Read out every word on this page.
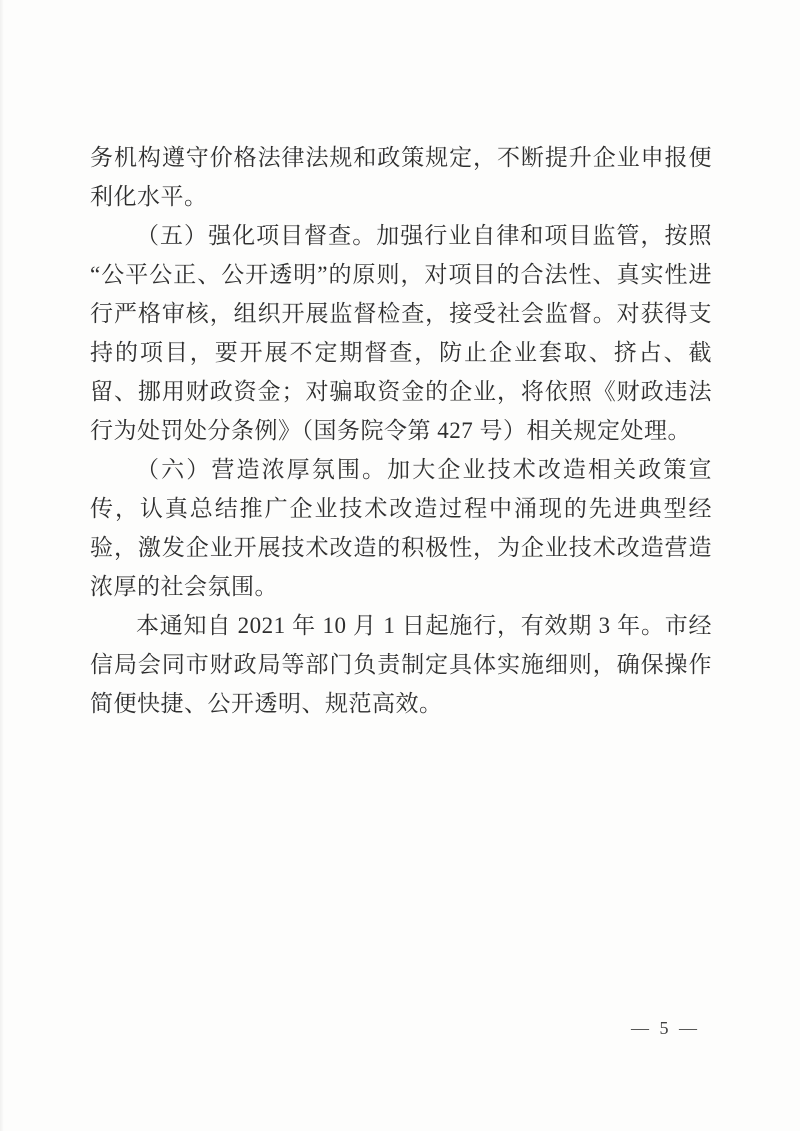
务机构遵守价格法律法规和政策规定，不断提升企业申报便利化水平。

（五）强化项目督查。加强行业自律和项目监管，按照“公平公正、公开透明”的原则，对项目的合法性、真实性进行严格审核，组织开展监督检查，接受社会监督。对获得支持的项目，要开展不定期督查，防止企业套取、挤占、截留、挪用财政资金；对骗取资金的企业，将依照《财政违法行为处罚处分条例》（国务院令第 427 号）相关规定处理。

（六）营造浓厚氛围。加大企业技术改造相关政策宣传，认真总结推广企业技术改造过程中涌现的先进典型经验，激发企业开展技术改造的积极性，为企业技术改造营造浓厚的社会氛围。

本通知自 2021 年 10 月 1 日起施行，有效期 3 年。市经信局会同市财政局等部门负责制定具体实施细则，确保操作简便快捷、公开透明、规范高效。

— 5 —
